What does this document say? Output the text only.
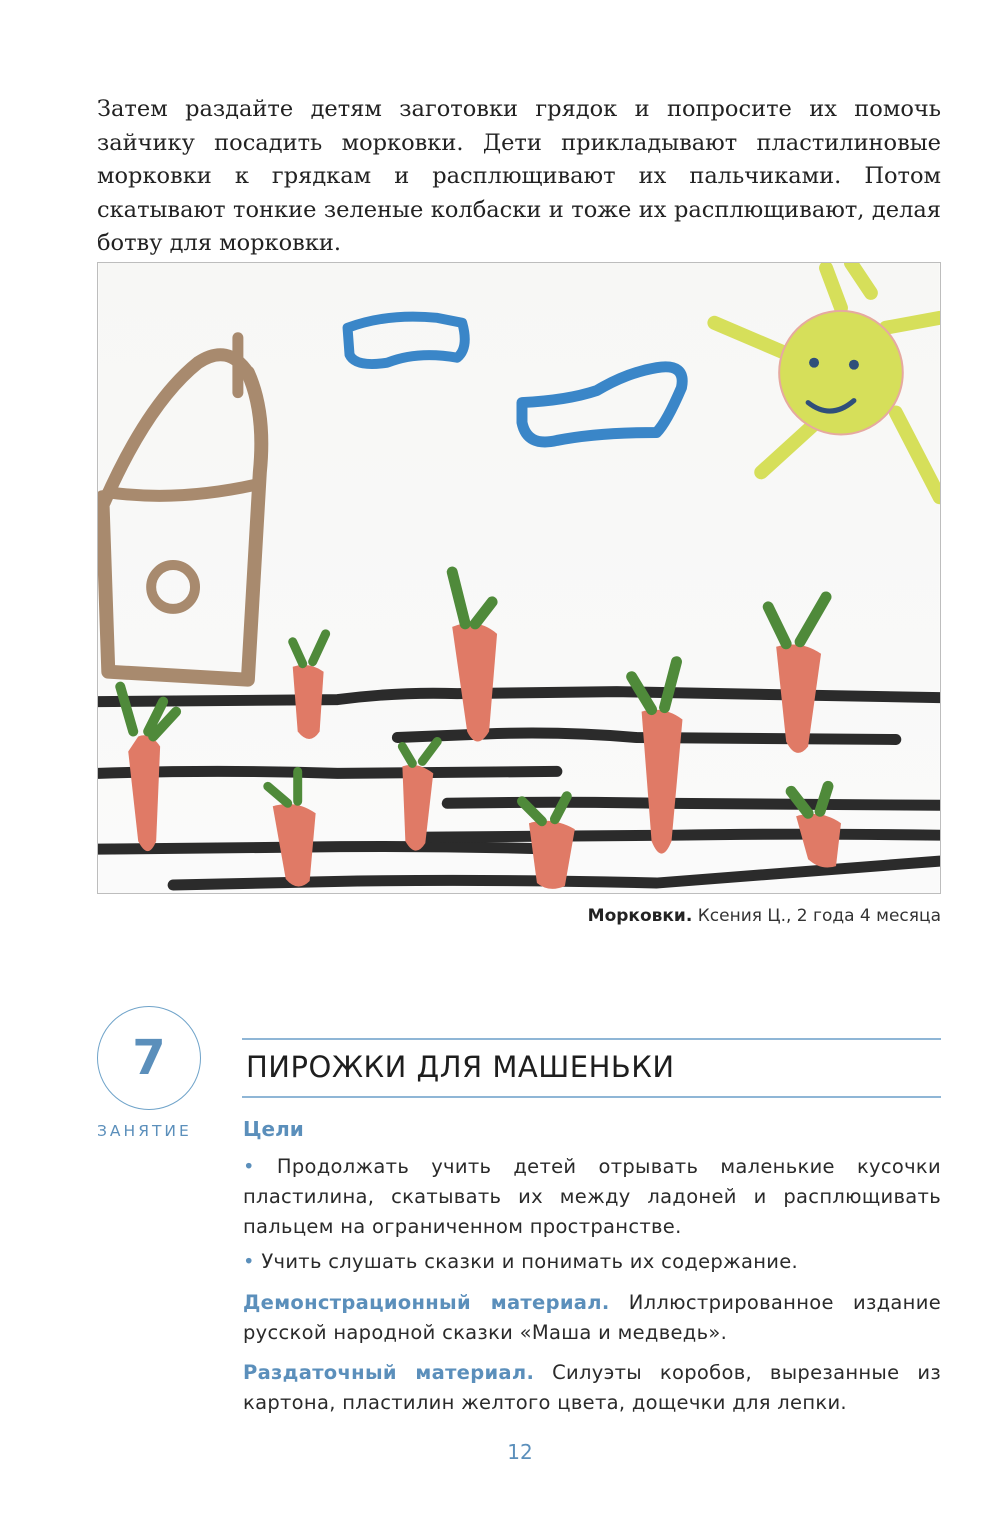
Затем раздайте детям заготовки грядок и попросите их помочь зайчику посадить морковки. Дети прикладывают пластилиновые морковки к грядкам и расплющивают их пальчиками. Потом скатывают тонкие зеленые колбаски и тоже их расплющивают, делая ботву для морковки.

Морковки. Ксения Ц., 2 года 4 месяца
7
ЗАНЯТИЕ
ПИРОЖКИ ДЛЯ МАШЕНЬКИ
Цели

• Продолжать учить детей отрывать маленькие кусочки пластилина, скатывать их между ладоней и расплющивать пальцем на ограниченном пространстве.

• Учить слушать сказки и понимать их содержание.

Демонстрационный материал. Иллюстрированное издание русской народной сказки «Маша и медведь».

Раздаточный материал. Силуэты коробов, вырезанные из картона, пластилин желтого цвета, дощечки для лепки.

12
